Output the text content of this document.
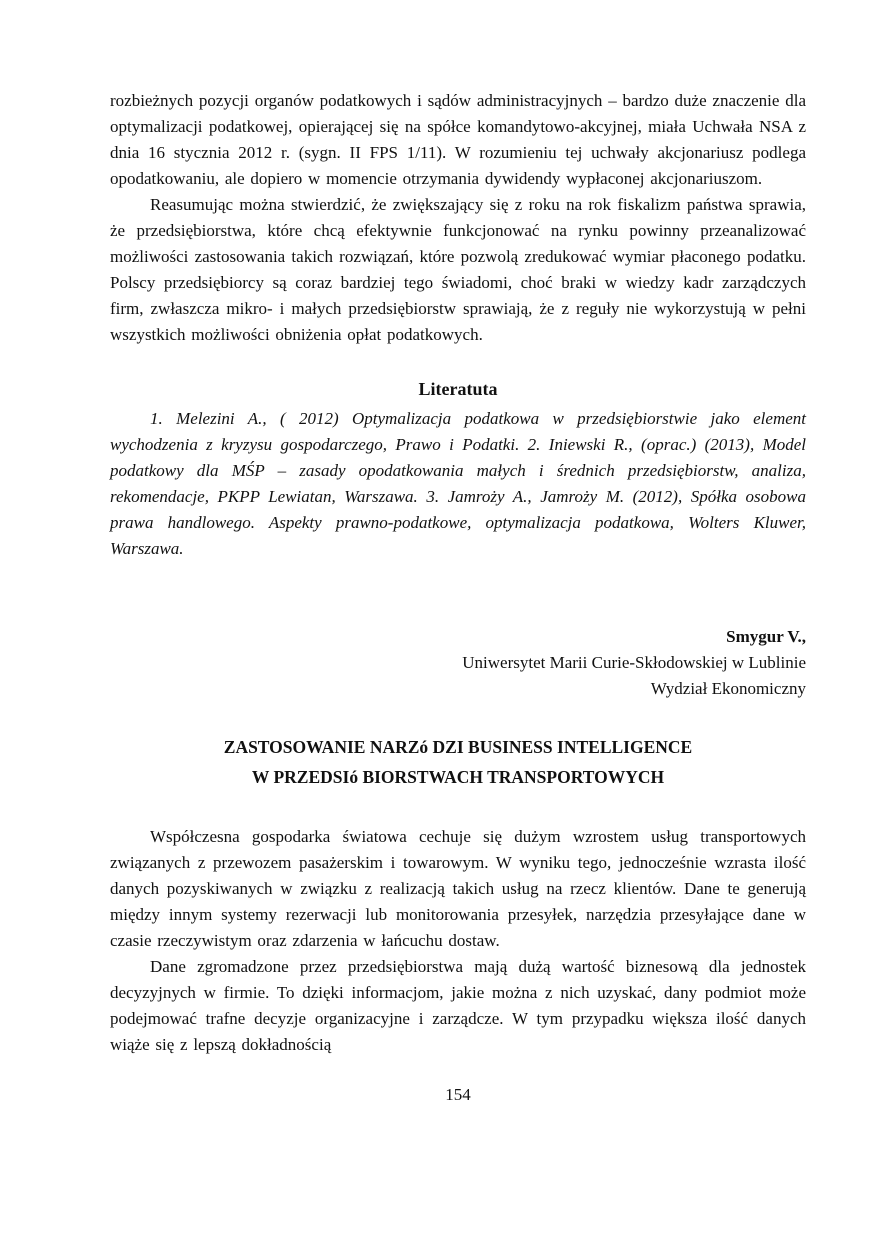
rozbieżnych pozycji organów podatkowych i sądów administracyjnych – bardzo duże znaczenie dla optymalizacji podatkowej, opierającej się na spółce komandytowo-akcyjnej, miała Uchwała NSA z dnia 16 stycznia 2012 r. (sygn. II FPS 1/11). W rozumieniu tej uchwały akcjonariusz podlega opodatkowaniu, ale dopiero w momencie otrzymania dywidendy wypłaconej akcjonariuszom.

Reasumując można stwierdzić, że zwiększający się z roku na rok fiskalizm państwa sprawia, że przedsiębiorstwa, które chcą efektywnie funkcjonować na rynku powinny przeanalizować możliwości zastosowania takich rozwiązań, które pozwolą zredukować wymiar płaconego podatku. Polscy przedsiębiorcy są coraz bardziej tego świadomi, choć braki w wiedzy kadr zarządczych firm, zwłaszcza mikro- i małych przedsiębiorstw sprawiają, że z reguły nie wykorzystują w pełni wszystkich możliwości obniżenia opłat podatkowych.

Literatuta

1. Melezini A., ( 2012) Optymalizacja podatkowa w przedsiębiorstwie jako element wychodzenia z kryzysu gospodarczego, Prawo i Podatki. 2. Iniewski R., (oprac.) (2013), Model podatkowy dla MŚP – zasady opodatkowania małych i średnich przedsiębiorstw, analiza, rekomendacje, PKPP Lewiatan, Warszawa. 3. Jamroży A., Jamroży M. (2012), Spółka osobowa prawa handlowego. Aspekty prawno-podatkowe, optymalizacja podatkowa, Wolters Kluwer, Warszawa.

Smygur V.,

Uniwersytet Marii Curie-Skłodowskiej w Lublinie

Wydział Ekonomiczny

ZASTOSOWANIE NARZó DZI BUSINESS INTELLIGENCE
W PRZEDSIó BIORSTWACH TRANSPORTOWYCH

Współczesna gospodarka światowa cechuje się dużym wzrostem usług transportowych związanych z przewozem pasażerskim i towarowym. W wyniku tego, jednocześnie wzrasta ilość danych pozyskiwanych w związku z realizacją takich usług na rzecz klientów. Dane te generują między innym systemy rezerwacji lub monitorowania przesyłek, narzędzia przesyłające dane w czasie rzeczywistym oraz zdarzenia w łańcuchu dostaw.

Dane zgromadzone przez przedsiębiorstwa mają dużą wartość biznesową dla jednostek decyzyjnych w firmie. To dzięki informacjom, jakie można z nich uzyskać, dany podmiot może podejmować trafne decyzje organizacyjne i zarządcze. W tym przypadku większa ilość danych wiąże się z lepszą dokładnością

154
